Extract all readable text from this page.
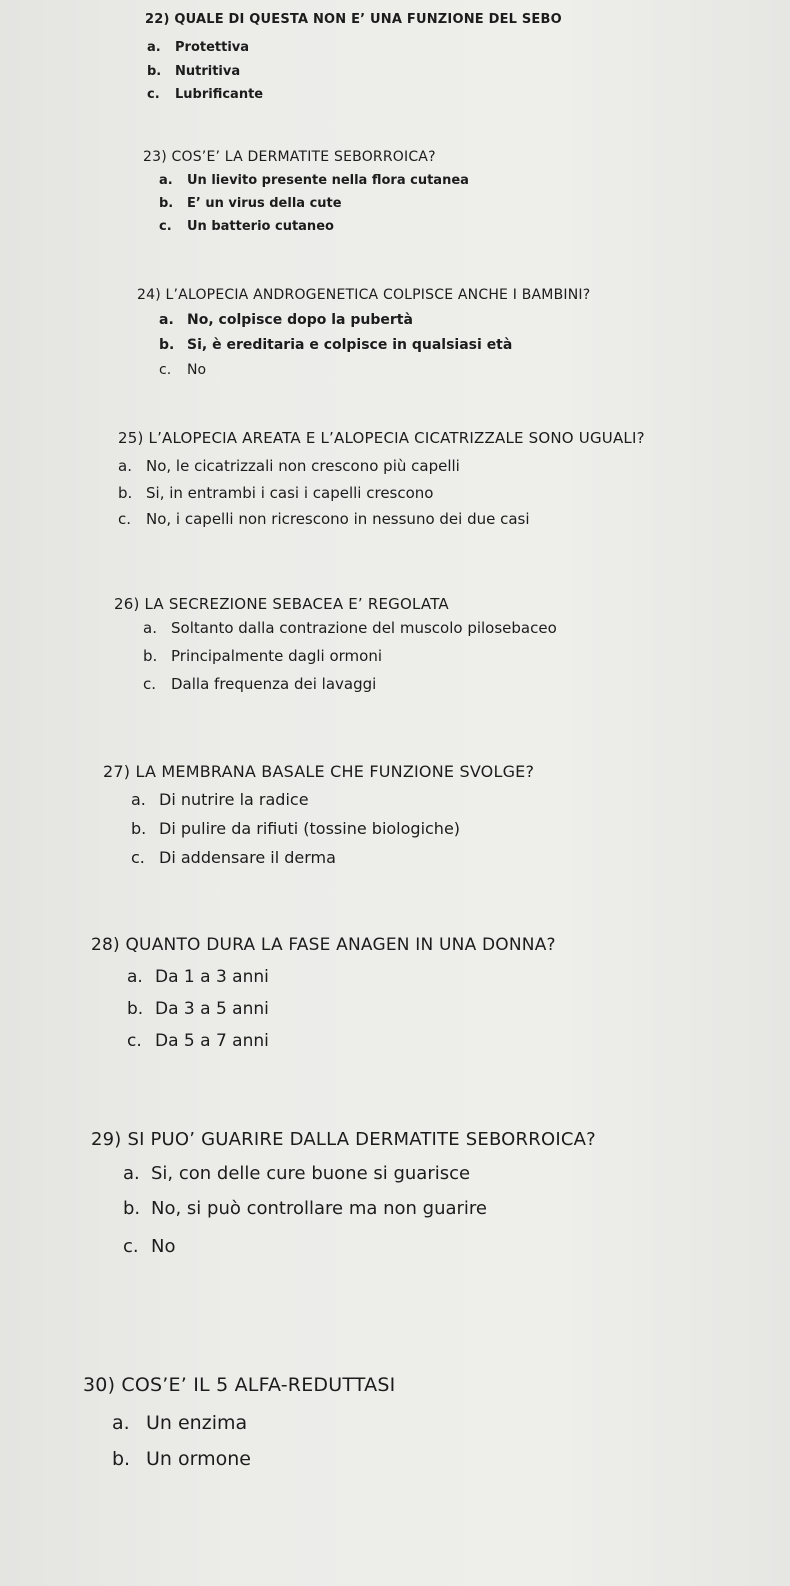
22) QUALE DI QUESTA NON E’ UNA FUNZIONE DEL SEBO
a. Protettiva
b. Nutritiva
c. Lubrificante
23) COS’E’ LA DERMATITE SEBORROICA?
a. Un lievito presente nella flora cutanea
b. E’ un virus della cute
c. Un batterio cutaneo
24) L’ALOPECIA ANDROGENETICA COLPISCE ANCHE I BAMBINI?
a. No, colpisce dopo la pubertà
b. Si, è ereditaria e colpisce in qualsiasi età
c. No
25) L’ALOPECIA AREATA E L’ALOPECIA CICATRIZZALE SONO UGUALI?
a. No, le cicatrizzali non crescono più capelli
b. Si, in entrambi i casi i capelli crescono
c. No, i capelli non ricrescono in nessuno dei due casi
26) LA SECREZIONE SEBACEA E’ REGOLATA
a. Soltanto dalla contrazione del muscolo pilosebaceo
b. Principalmente dagli ormoni
c. Dalla frequenza dei lavaggi
27) LA MEMBRANA BASALE CHE FUNZIONE SVOLGE?
a. Di nutrire la radice
b. Di pulire da rifiuti (tossine biologiche)
c. Di addensare il derma
28) QUANTO DURA LA FASE ANAGEN IN UNA DONNA?
a. Da 1 a 3 anni
b. Da 3 a 5 anni
c. Da 5 a 7 anni
29) SI PUO’ GUARIRE DALLA DERMATITE SEBORROICA?
a. Si, con delle cure buone si guarisce
b. No, si può controllare ma non guarire
c. No
30) COS’E’ IL 5 ALFA-REDUTTASI
a. Un enzima
b. Un ormone
